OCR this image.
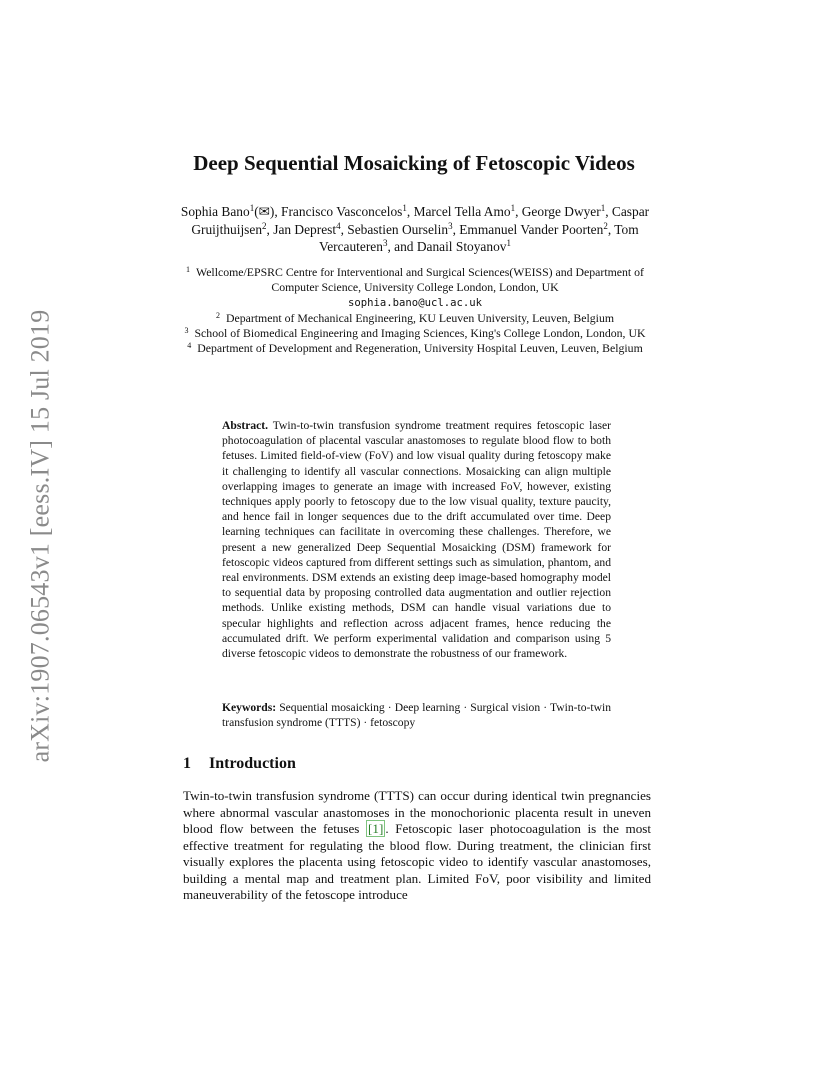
arXiv:1907.06543v1 [eess.IV] 15 Jul 2019
Deep Sequential Mosaicking of Fetoscopic Videos
Sophia Bano$^1$(✉), Francisco Vasconcelos$^1$, Marcel Tella Amo$^1$, George Dwyer$^1$, Caspar Gruijthuijsen$^2$, Jan Deprest$^4$, Sebastien Ourselin$^3$, Emmanuel Vander Poorten$^2$, Tom Vercauteren$^3$, and Danail Stoyanov$^1$

$^1$ Wellcome/EPSRC Centre for Interventional and Surgical Sciences(WEISS) and Department of Computer Science, University College London, London, UK

sophia.bano@ucl.ac.uk

$^2$ Department of Mechanical Engineering, KU Leuven University, Leuven, Belgium

$^3$ School of Biomedical Engineering and Imaging Sciences, King's College London, London, UK

$^4$ Department of Development and Regeneration, University Hospital Leuven, Leuven, Belgium

Abstract. Twin-to-twin transfusion syndrome treatment requires fetoscopic laser photocoagulation of placental vascular anastomoses to regulate blood flow to both fetuses. Limited field-of-view (FoV) and low visual quality during fetoscopy make it challenging to identify all vascular connections. Mosaicking can align multiple overlapping images to generate an image with increased FoV, however, existing techniques apply poorly to fetoscopy due to the low visual quality, texture paucity, and hence fail in longer sequences due to the drift accumulated over time. Deep learning techniques can facilitate in overcoming these challenges. Therefore, we present a new generalized Deep Sequential Mosaicking (DSM) framework for fetoscopic videos captured from different settings such as simulation, phantom, and real environments. DSM extends an existing deep image-based homography model to sequential data by proposing controlled data augmentation and outlier rejection methods. Unlike existing methods, DSM can handle visual variations due to specular highlights and reflection across adjacent frames, hence reducing the accumulated drift. We perform experimental validation and comparison using 5 diverse fetoscopic videos to demonstrate the robustness of our framework.
Keywords: Sequential mosaicking · Deep learning · Surgical vision · Twin-to-twin transfusion syndrome (TTTS) · fetoscopy
1 Introduction
Twin-to-twin transfusion syndrome (TTTS) can occur during identical twin pregnancies where abnormal vascular anastomoses in the monochorionic placenta result in uneven blood flow between the fetuses [1] . Fetoscopic laser photocoagulation is the most effective treatment for regulating the blood flow. During treatment, the clinician first visually explores the placenta using fetoscopic video to identify vascular anastomoses, building a mental map and treatment plan. Limited FoV, poor visibility and limited maneuverability of the fetoscope introduce
